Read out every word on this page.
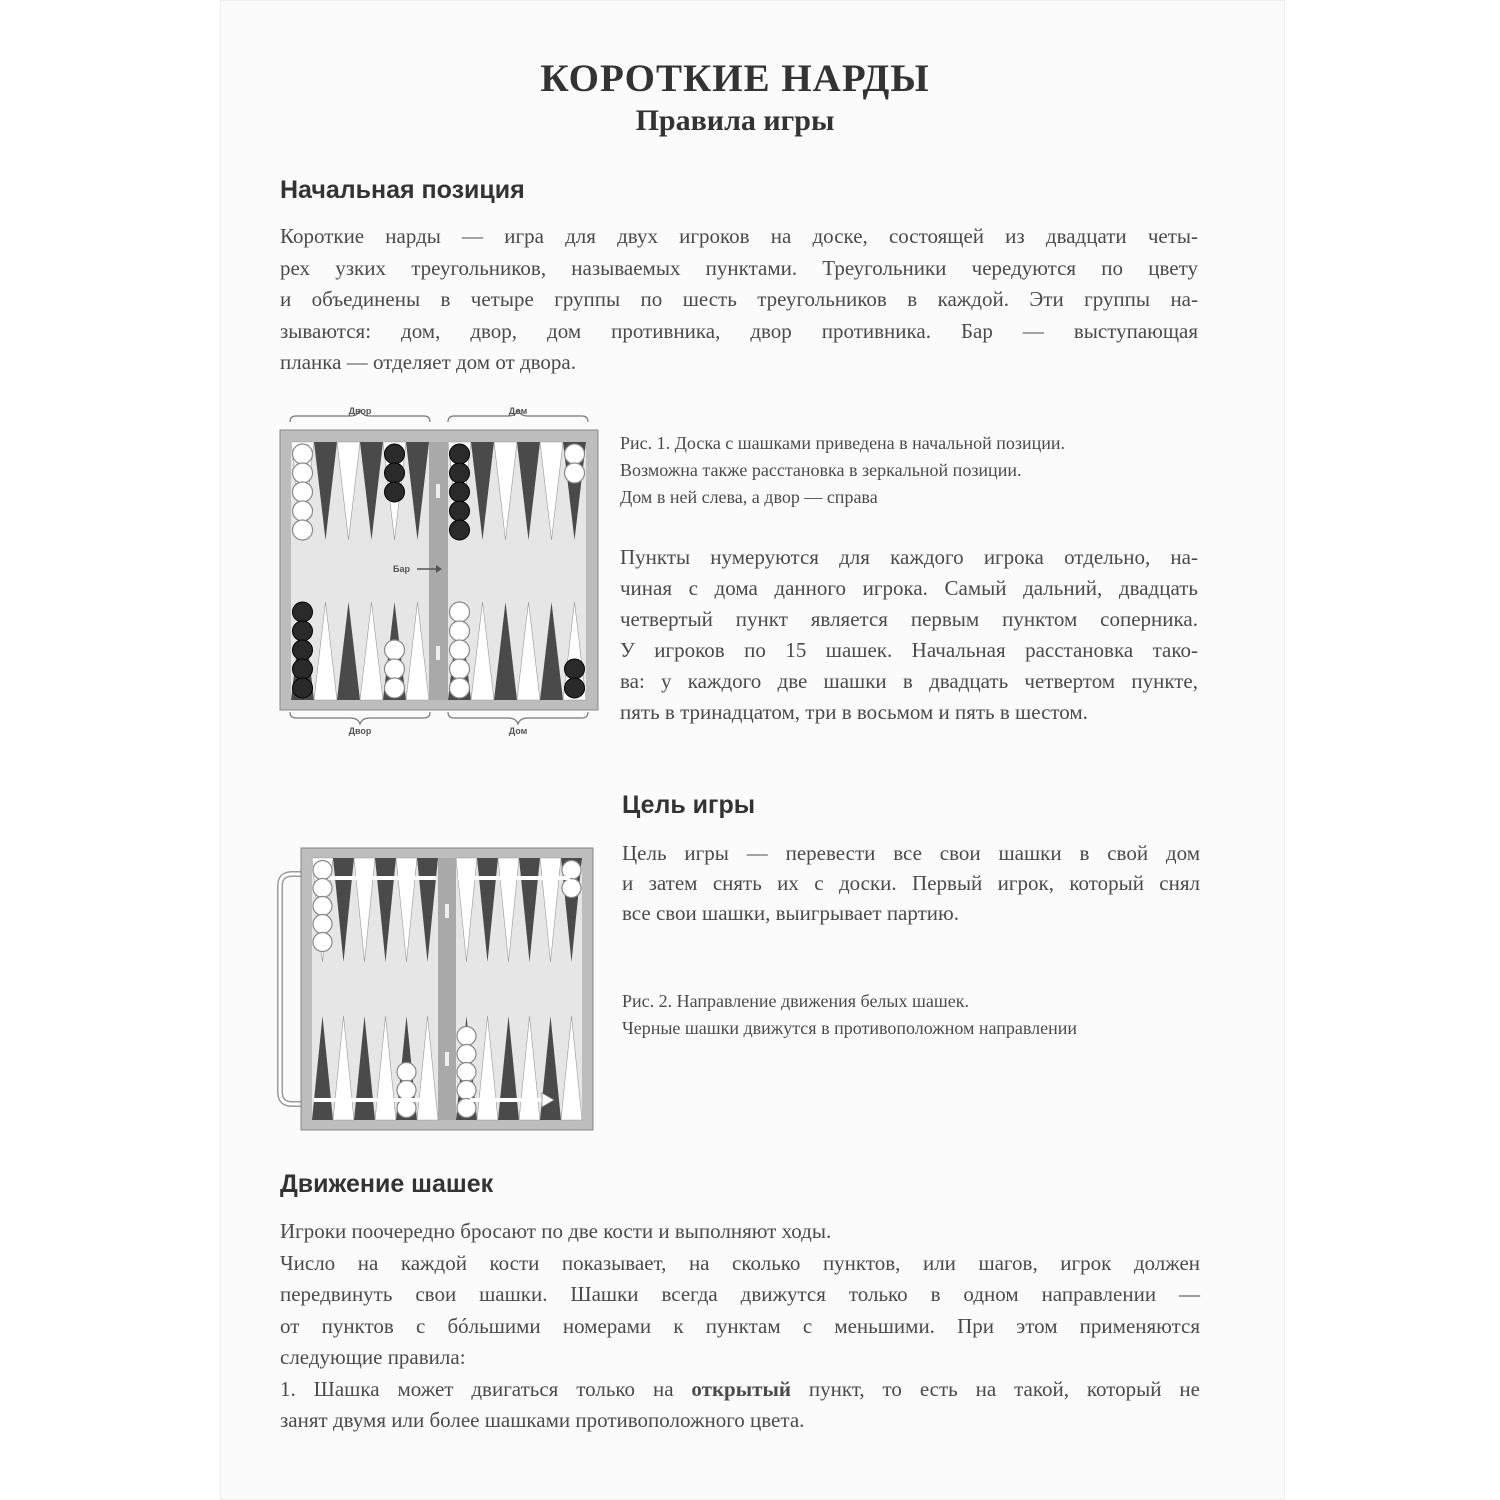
КОРОТКИЕ НАРДЫ
Правила игры
Начальная позиция
Короткие нарды — игра для двух игроков на доске, состоящей из двадцати четы-
рех узких треугольников, называемых пунктами. Треугольники чередуются по цвету
и объединены в четыре группы по шесть треугольников в каждой. Эти группы на-
зываются: дом, двор, дом противника, двор противника. Бар — выступающая
планка — отделяет дом от двора.
Двор	Дом
Бар
Двор	Дом
Рис. 1. Доска с шашками приведена в начальной позиции.
Возможна также расстановка в зеркальной позиции.
Дом в ней слева, а двор — справа
Пункты нумеруются для каждого игрока отдельно, на-
чиная с дома данного игрока. Самый дальний, двадцать
четвертый пункт является первым пунктом соперника.
У игроков по 15 шашек. Начальная расстановка тако-
ва: у каждого две шашки в двадцать четвертом пункте,
пять в тринадцатом, три в восьмом и пять в шестом.
Цель игры
Цель игры — перевести все свои шашки в свой дом
и затем снять их с доски. Первый игрок, который снял
все свои шашки, выигрывает партию.
Рис. 2. Направление движения белых шашек.
Черные шашки движутся в противоположном направлении
Движение шашек
Игроки поочередно бросают по две кости и выполняют ходы.
Число на каждой кости показывает, на сколько пунктов, или шагов, игрок должен
передвинуть свои шашки. Шашки всегда движутся только в одном направлении —
от пунктов с бóльшими номерами к пунктам с меньшими. При этом применяются
следующие правила:
1. Шашка может двигаться только на открытый пункт, то есть на такой, который не
занят двумя или более шашками противоположного цвета.
